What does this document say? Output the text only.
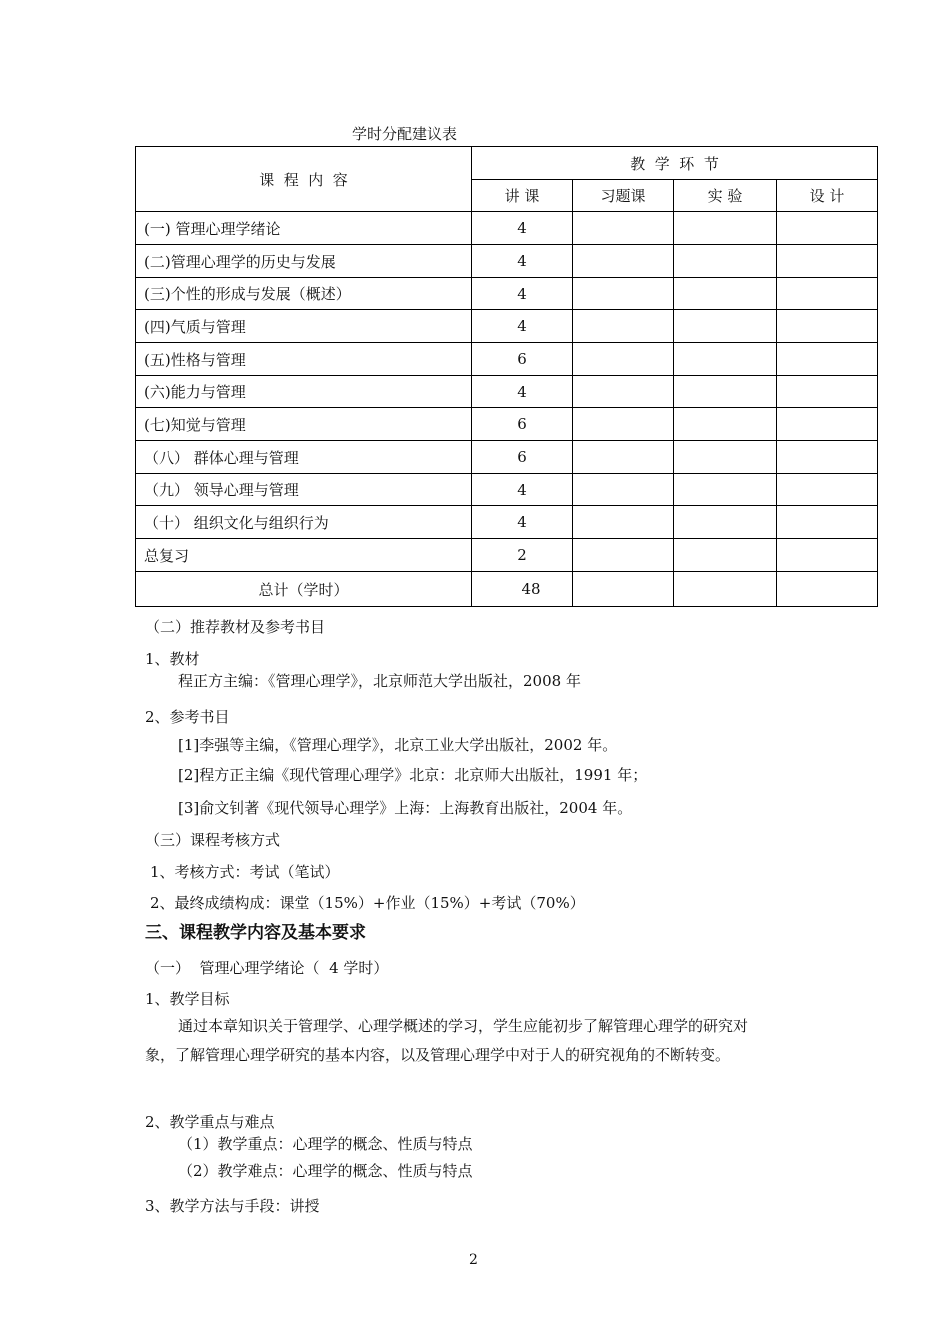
学时分配建议表
课  程  内  容	教  学  环  节			
	讲 课	习题课	实 验	设 计
(一) 管理心理学绪论	4			
(二)管理心理学的历史与发展	4			
(三)个性的形成与发展（概述）	4			
(四)气质与管理	4			
(五)性格与管理	6			
(六)能力与管理	4			
(七)知觉与管理	6			
（八） 群体心理与管理	6			
（九） 领导心理与管理	4			
（十） 组织文化与组织行为	4			
总复习	2			
总计（学时）	48			
（二）推荐教材及参考书目
1、教材
程正方主编：《管理心理学》，北京师范大学出版社，2008 年
2、参考书目
[1]李强等主编，《管理心理学》，北京工业大学出版社，2002 年。
[2]程方正主编《现代管理心理学》北京：北京师大出版社，1991 年；
[3]俞文钊著《现代领导心理学》上海：上海教育出版社，2004 年。
（三）课程考核方式
1、考核方式：考试（笔试）
2、最终成绩构成：课堂（15%）+作业（15%）+考试（70%）
三、课程教学内容及基本要求
（一）  管理心理学绪论（  4 学时）
1、教学目标
通过本章知识关于管理学、心理学概述的学习，学生应能初步了解管理心理学的研究对
象，了解管理心理学研究的基本内容，以及管理心理学中对于人的研究视角的不断转变。
2、教学重点与难点
（1）教学重点：心理学的概念、性质与特点
（2）教学难点：心理学的概念、性质与特点
3、教学方法与手段：讲授
2
